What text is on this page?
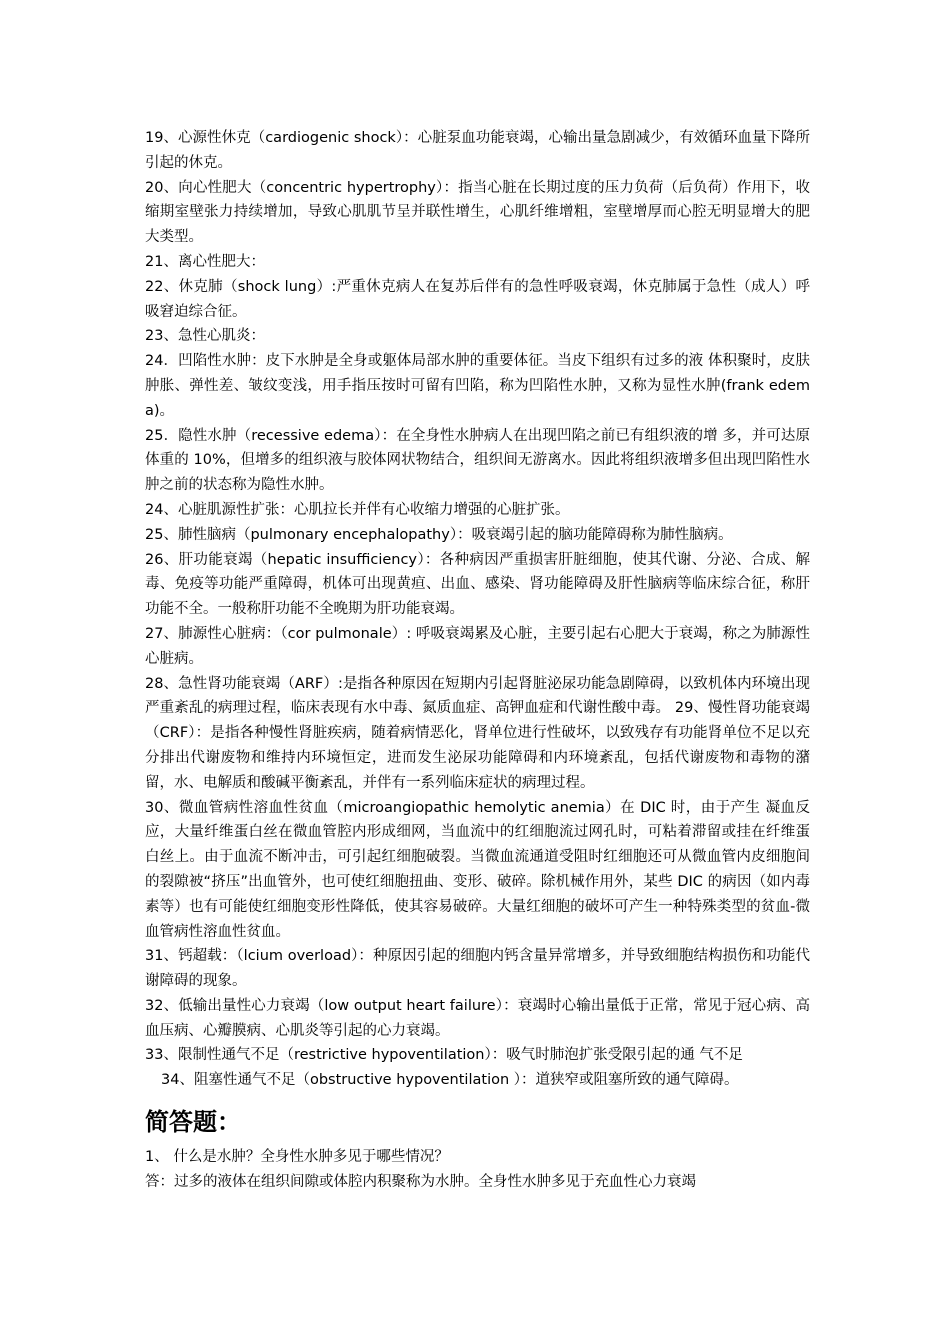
19、心源性休克（cardiogenic shock）：心脏泵血功能衰竭，心输出量急剧减少，有效循环血量下降所引起的休克。

20、向心性肥大（concentric hypertrophy）：指当心脏在长期过度的压力负荷（后负荷）作用下，收缩期室壁张力持续增加，导致心肌肌节呈并联性增生，心肌纤维增粗，室壁增厚而心腔无明显增大的肥大类型。

21、离心性肥大：

22、休克肺（shock lung）:严重休克病人在复苏后伴有的急性呼吸衰竭，休克肺属于急性（成人）呼吸窘迫综合征。

23、急性心肌炎：

24．凹陷性水肿：皮下水肿是全身或躯体局部水肿的重要体征。当皮下组织有过多的液 体积聚时，皮肤肿胀、弹性差、皱纹变浅，用手指压按时可留有凹陷，称为凹陷性水肿，又称为显性水肿(frank edema)。

25．隐性水肿（recessive edema）：在全身性水肿病人在出现凹陷之前已有组织液的增 多，并可达原体重的 10%，但增多的组织液与胶体网状物结合，组织间无游离水。因此将组织液增多但出现凹陷性水肿之前的状态称为隐性水肿。

24、心脏肌源性扩张：心肌拉长并伴有心收缩力增强的心脏扩张。

25、肺性脑病（pulmonary encephalopathy）：吸衰竭引起的脑功能障碍称为肺性脑病。

26、肝功能衰竭（hepatic insufficiency）：各种病因严重损害肝脏细胞，使其代谢、分泌、合成、解毒、免疫等功能严重障碍，机体可出现黄疸、出血、感染、肾功能障碍及肝性脑病等临床综合征，称肝功能不全。一般称肝功能不全晚期为肝功能衰竭。

27、肺源性心脏病：（cor pulmonale）: 呼吸衰竭累及心脏，主要引起右心肥大于衰竭，称之为肺源性心脏病。

28、急性肾功能衰竭（ARF）:是指各种原因在短期内引起肾脏泌尿功能急剧障碍，以致机体内环境出现严重紊乱的病理过程，临床表现有水中毒、氮质血症、高钾血症和代谢性酸中毒。 29、慢性肾功能衰竭（CRF）：是指各种慢性肾脏疾病，随着病情恶化，肾单位进行性破坏，以致残存有功能肾单位不足以充分排出代谢废物和维持内环境恒定，进而发生泌尿功能障碍和内环境紊乱，包括代谢废物和毒物的潴留，水、电解质和酸碱平衡紊乱，并伴有一系列临床症状的病理过程。

30、微血管病性溶血性贫血（microangiopathic hemolytic anemia）在 DIC 时，由于产生 凝血反应，大量纤维蛋白丝在微血管腔内形成细网，当血流中的红细胞流过网孔时，可粘着滞留或挂在纤维蛋白丝上。由于血流不断冲击，可引起红细胞破裂。当微血流通道受阻时红细胞还可从微血管内皮细胞间的裂隙被“挤压”出血管外，也可使红细胞扭曲、变形、破碎。除机械作用外，某些 DIC 的病因（如内毒素等）也有可能使红细胞变形性降低，使其容易破碎。大量红细胞的破坏可产生一种特殊类型的贫血-微血管病性溶血性贫血。

31、钙超载：（lcium overload）：种原因引起的细胞内钙含量异常增多，并导致细胞结构损伤和功能代谢障碍的现象。

32、低输出量性心力衰竭（low output heart failure）：衰竭时心输出量低于正常，常见于冠心病、高血压病、心瓣膜病、心肌炎等引起的心力衰竭。

33、限制性通气不足（restrictive hypoventilation）：吸气时肺泡扩张受限引起的通 气不足

34、阻塞性通气不足（obstructive hypoventilation ）：道狭窄或阻塞所致的通气障碍。

简答题：

1、 什么是水肿？全身性水肿多见于哪些情况？

答：过多的液体在组织间隙或体腔内积聚称为水肿。全身性水肿多见于充血性心力衰竭
